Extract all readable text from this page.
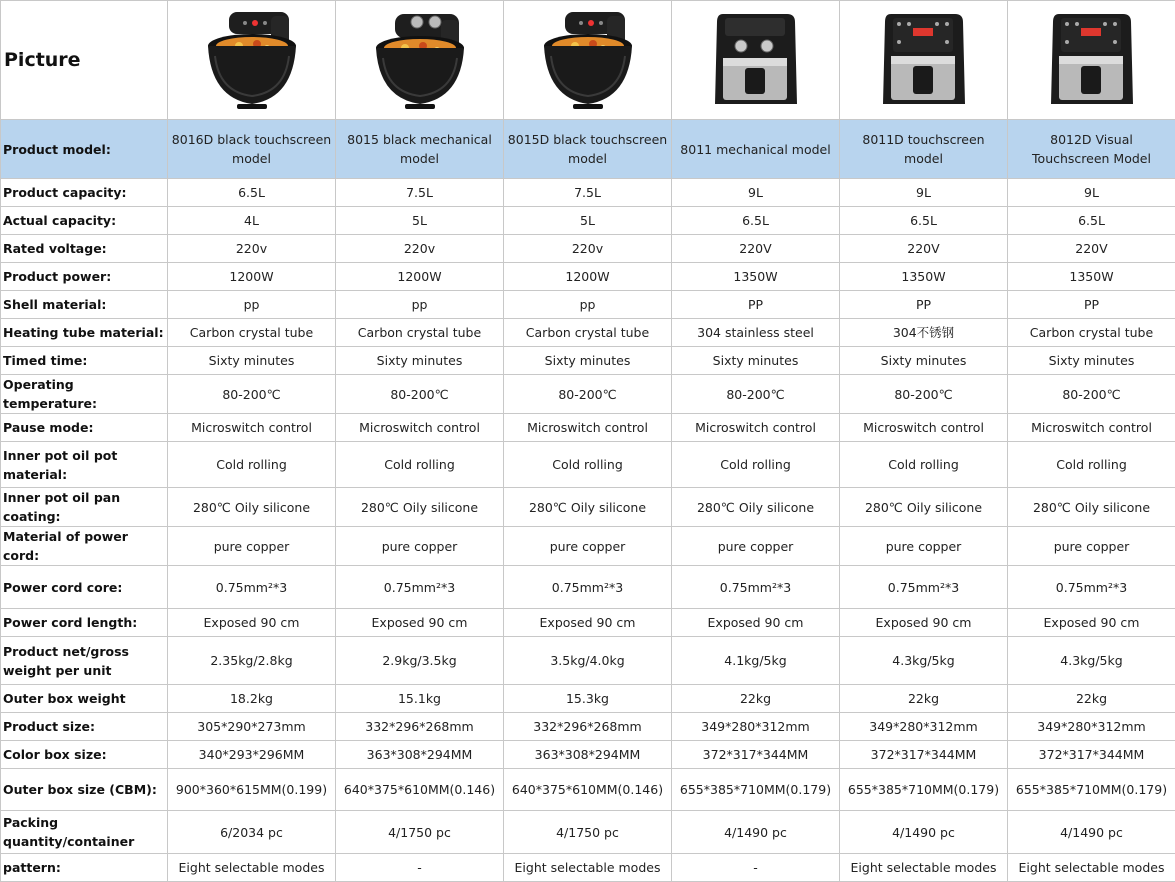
Picture	

Product model:	8016D black touchscreen model	8015 black mechanical model	8015D black touchscreen model	8011 mechanical model	8011D touchscreen model	8012D Visual Touchscreen Model
Product capacity:	6.5L	7.5L	7.5L	9L	9L	9L
Actual capacity:	4L	5L	5L	6.5L	6.5L	6.5L
Rated voltage:	220v	220v	220v	220V	220V	220V
Product power:	1200W	1200W	1200W	1350W	1350W	1350W
Shell material:	pp	pp	pp	PP	PP	PP
Heating tube material:	Carbon crystal tube	Carbon crystal tube	Carbon crystal tube	304 stainless steel	304不锈钢	Carbon crystal tube
Timed time:	Sixty minutes	Sixty minutes	Sixty minutes	Sixty minutes	Sixty minutes	Sixty minutes
Operating temperature:	80-200℃	80-200℃	80-200℃	80-200℃	80-200℃	80-200℃
Pause mode:	Microswitch control	Microswitch control	Microswitch control	Microswitch control	Microswitch control	Microswitch control
Inner pot oil pot material:	Cold rolling	Cold rolling	Cold rolling	Cold rolling	Cold rolling	Cold rolling
Inner pot oil pan coating:	280℃ Oily silicone	280℃ Oily silicone	280℃ Oily silicone	280℃ Oily silicone	280℃ Oily silicone	280℃ Oily silicone
Material of power cord:	pure copper	pure copper	pure copper	pure copper	pure copper	pure copper
Power cord core:	0.75mm²*3	0.75mm²*3	0.75mm²*3	0.75mm²*3	0.75mm²*3	0.75mm²*3
Power cord length:	Exposed 90 cm	Exposed 90 cm	Exposed 90 cm	Exposed 90 cm	Exposed 90 cm	Exposed 90 cm
Product net/gross weight per unit	2.35kg/2.8kg	2.9kg/3.5kg	3.5kg/4.0kg	4.1kg/5kg	4.3kg/5kg	4.3kg/5kg
Outer box weight	18.2kg	15.1kg	15.3kg	22kg	22kg	22kg
Product size:	305*290*273mm	332*296*268mm	332*296*268mm	349*280*312mm	349*280*312mm	349*280*312mm
Color box size:	340*293*296MM	363*308*294MM	363*308*294MM	372*317*344MM	372*317*344MM	372*317*344MM
Outer box size (CBM):	900*360*615MM(0.199)	640*375*610MM(0.146)	640*375*610MM(0.146)	655*385*710MM(0.179)	655*385*710MM(0.179)	655*385*710MM(0.179)
Packing quantity/container	6/2034 pc	4/1750 pc	4/1750 pc	4/1490 pc	4/1490 pc	4/1490 pc
pattern:	Eight selectable modes	-	Eight selectable modes	-	Eight selectable modes	Eight selectable modes
